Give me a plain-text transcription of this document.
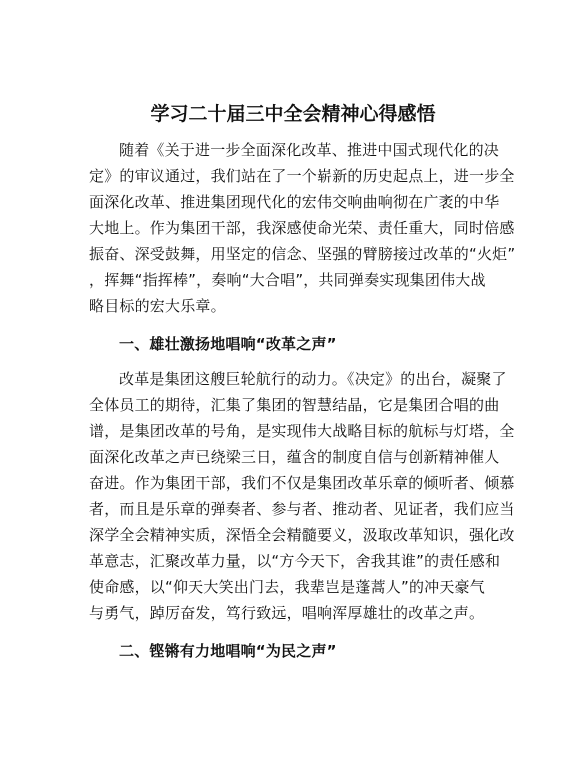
学习二十届三中全会精神心得感悟
随着《关于进一步全面深化改革、推进中国式现代化的决
定》的审议通过，我们站在了一个崭新的历史起点上，进一步全
面深化改革、推进集团现代化的宏伟交响曲响彻在广袤的中华
大地上。作为集团干部，我深感使命光荣、责任重大，同时倍感
振奋、深受鼓舞，用坚定的信念、坚强的臂膀接过改革的“火炬”
，挥舞“指挥棒”，奏响“大合唱”，共同弹奏实现集团伟大战
略目标的宏大乐章。
一、雄壮激扬地唱响“改革之声”
改革是集团这艘巨轮航行的动力。《决定》的出台，凝聚了
全体员工的期待，汇集了集团的智慧结晶，它是集团合唱的曲
谱，是集团改革的号角，是实现伟大战略目标的航标与灯塔，全
面深化改革之声已绕梁三日，蕴含的制度自信与创新精神催人
奋进。作为集团干部，我们不仅是集团改革乐章的倾听者、倾慕
者，而且是乐章的弹奏者、参与者、推动者、见证者，我们应当
深学全会精神实质，深悟全会精髓要义，汲取改革知识，强化改
革意志，汇聚改革力量，以“方今天下，舍我其谁”的责任感和
使命感，以“仰天大笑出门去，我辈岂是蓬蒿人”的冲天豪气
与勇气，踔厉奋发，笃行致远，唱响浑厚雄壮的改革之声。
二、铿锵有力地唱响“为民之声”
